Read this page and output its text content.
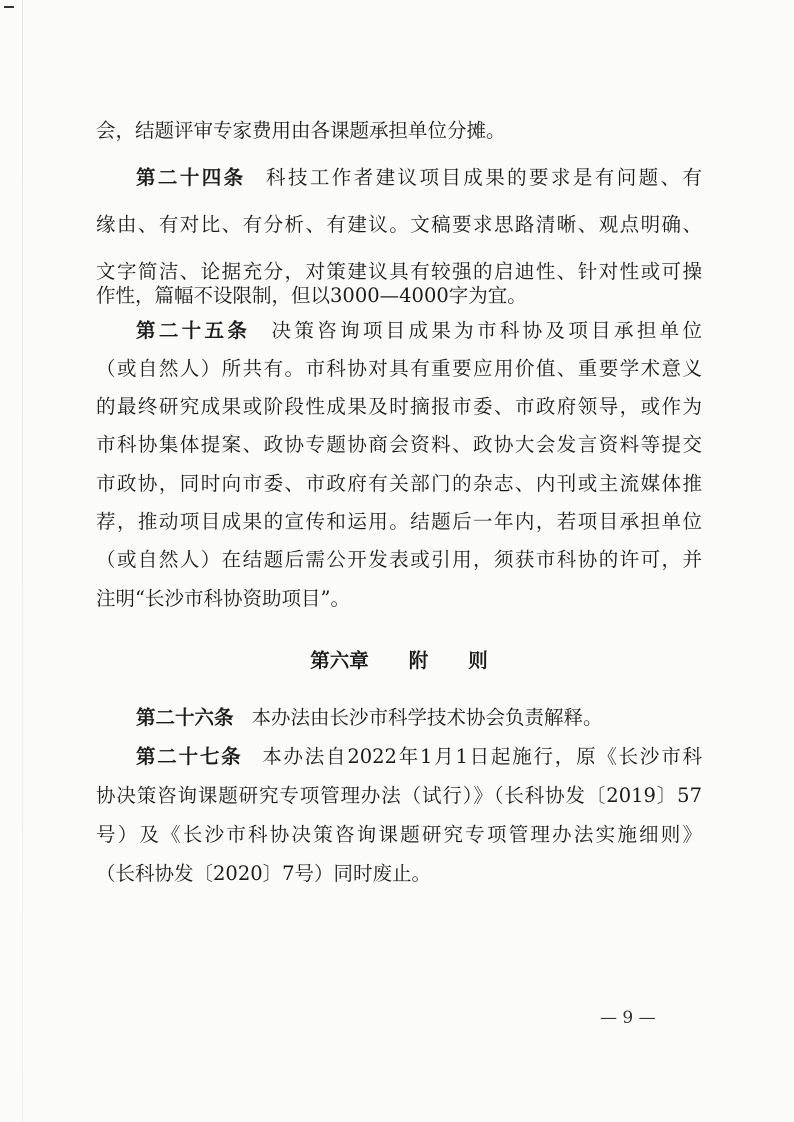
会，结题评审专家费用由各课题承担单位分摊。
第二十四条 科技工作者建议项目成果的要求是有问题、有
缘由、有对比、有分析、有建议。文稿要求思路清晰、观点明确、
文字简洁、论据充分，对策建议具有较强的启迪性、针对性或可操
作性，篇幅不设限制，但以3000—4000字为宜。
第二十五条 决策咨询项目成果为市科协及项目承担单位
（或自然人）所共有。市科协对具有重要应用价值、重要学术意义
的最终研究成果或阶段性成果及时摘报市委、市政府领导，或作为
市科协集体提案、政协专题协商会资料、政协大会发言资料等提交
市政协，同时向市委、市政府有关部门的杂志、内刊或主流媒体推
荐，推动项目成果的宣传和运用。结题后一年内，若项目承担单位
（或自然人）在结题后需公开发表或引用，须获市科协的许可，并
注明“长沙市科协资助项目”。
第六章 附 则
第二十六条 本办法由长沙市科学技术协会负责解释。
第二十七条 本办法自2022年1月1日起施行，原《长沙市科
协决策咨询课题研究专项管理办法（试行）》（长科协发〔2019〕57
号）及《长沙市科协决策咨询课题研究专项管理办法实施细则》
（长科协发〔2020〕7号）同时废止。
— 9 —
